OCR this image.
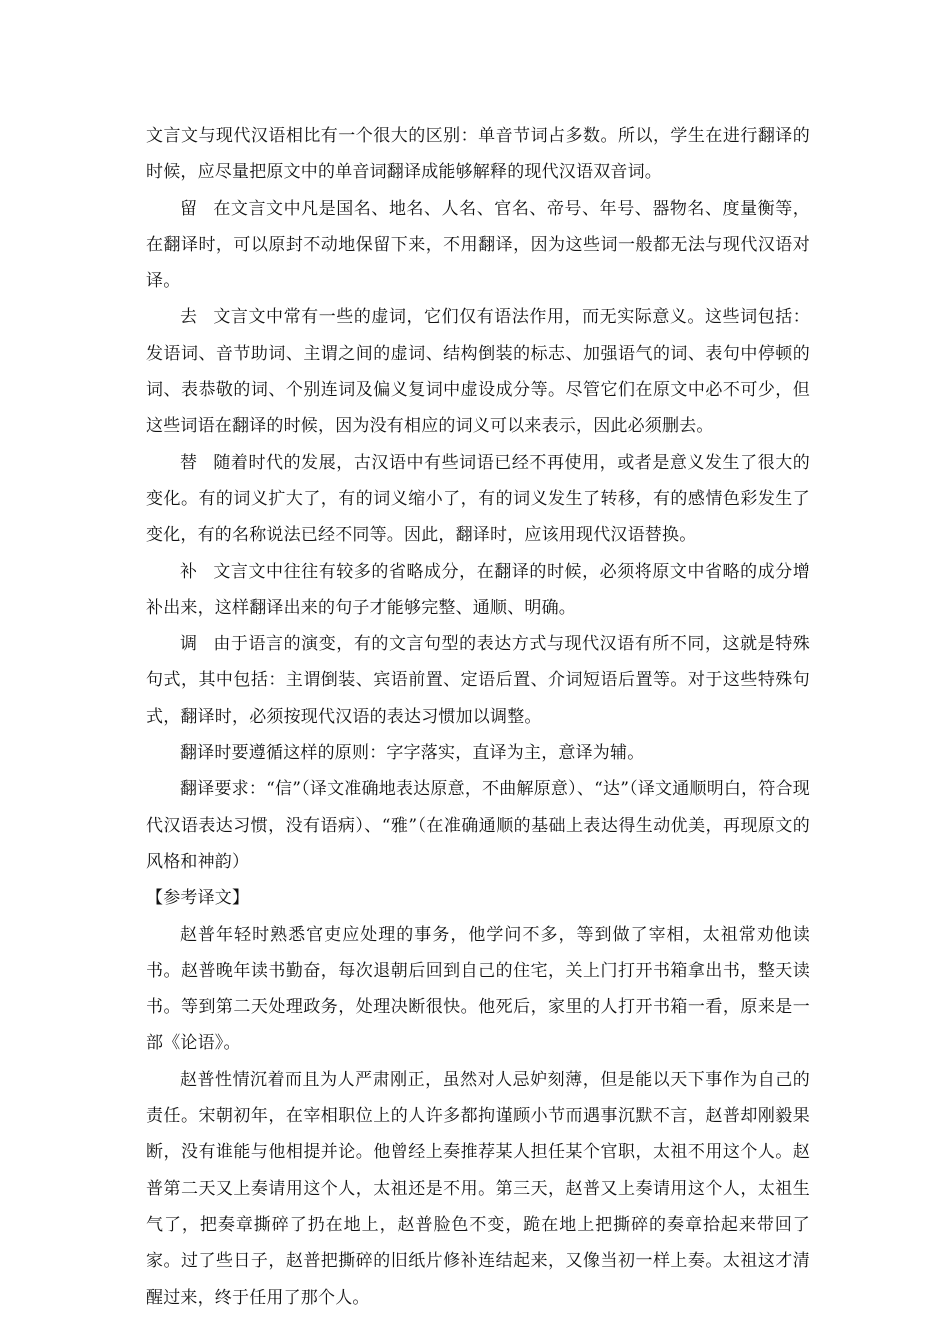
文言文与现代汉语相比有一个很大的区别：单音节词占多数。所以，学生在进行翻译的时候，应尽量把原文中的单音词翻译成能够解释的现代汉语双音词。

留 在文言文中凡是国名、地名、人名、官名、帝号、年号、器物名、度量衡等，在翻译时，可以原封不动地保留下来，不用翻译，因为这些词一般都无法与现代汉语对译。

去 文言文中常有一些的虚词，它们仅有语法作用，而无实际意义。这些词包括：发语词、音节助词、主谓之间的虚词、结构倒装的标志、加强语气的词、表句中停顿的词、表恭敬的词、个别连词及偏义复词中虚设成分等。尽管它们在原文中必不可少，但这些词语在翻译的时候，因为没有相应的词义可以来表示，因此必须删去。

替 随着时代的发展，古汉语中有些词语已经不再使用，或者是意义发生了很大的变化。有的词义扩大了，有的词义缩小了，有的词义发生了转移，有的感情色彩发生了变化，有的名称说法已经不同等。因此，翻译时，应该用现代汉语替换。

补 文言文中往往有较多的省略成分，在翻译的时候，必须将原文中省略的成分增补出来，这样翻译出来的句子才能够完整、通顺、明确。

调 由于语言的演变，有的文言句型的表达方式与现代汉语有所不同，这就是特殊句式，其中包括：主谓倒装、宾语前置、定语后置、介词短语后置等。对于这些特殊句式，翻译时，必须按现代汉语的表达习惯加以调整。

翻译时要遵循这样的原则：字字落实，直译为主，意译为辅。

翻译要求：“信”（译文准确地表达原意，不曲解原意）、“达”（译文通顺明白，符合现代汉语表达习惯，没有语病）、“雅”（在准确通顺的基础上表达得生动优美，再现原文的风格和神韵）

【参考译文】

赵普年轻时熟悉官吏应处理的事务，他学问不多，等到做了宰相，太祖常劝他读书。赵普晚年读书勤奋，每次退朝后回到自己的住宅，关上门打开书箱拿出书，整天读书。等到第二天处理政务，处理决断很快。他死后，家里的人打开书箱一看，原来是一部《论语》。

赵普性情沉着而且为人严肃刚正，虽然对人忌妒刻薄，但是能以天下事作为自己的责任。宋朝初年，在宰相职位上的人许多都拘谨顾小节而遇事沉默不言，赵普却刚毅果断，没有谁能与他相提并论。他曾经上奏推荐某人担任某个官职，太祖不用这个人。赵普第二天又上奏请用这个人，太祖还是不用。第三天，赵普又上奏请用这个人，太祖生气了，把奏章撕碎了扔在地上，赵普脸色不变，跪在地上把撕碎的奏章拾起来带回了家。过了些日子，赵普把撕碎的旧纸片修补连结起来，又像当初一样上奏。太祖这才清醒过来，终于任用了那个人。
